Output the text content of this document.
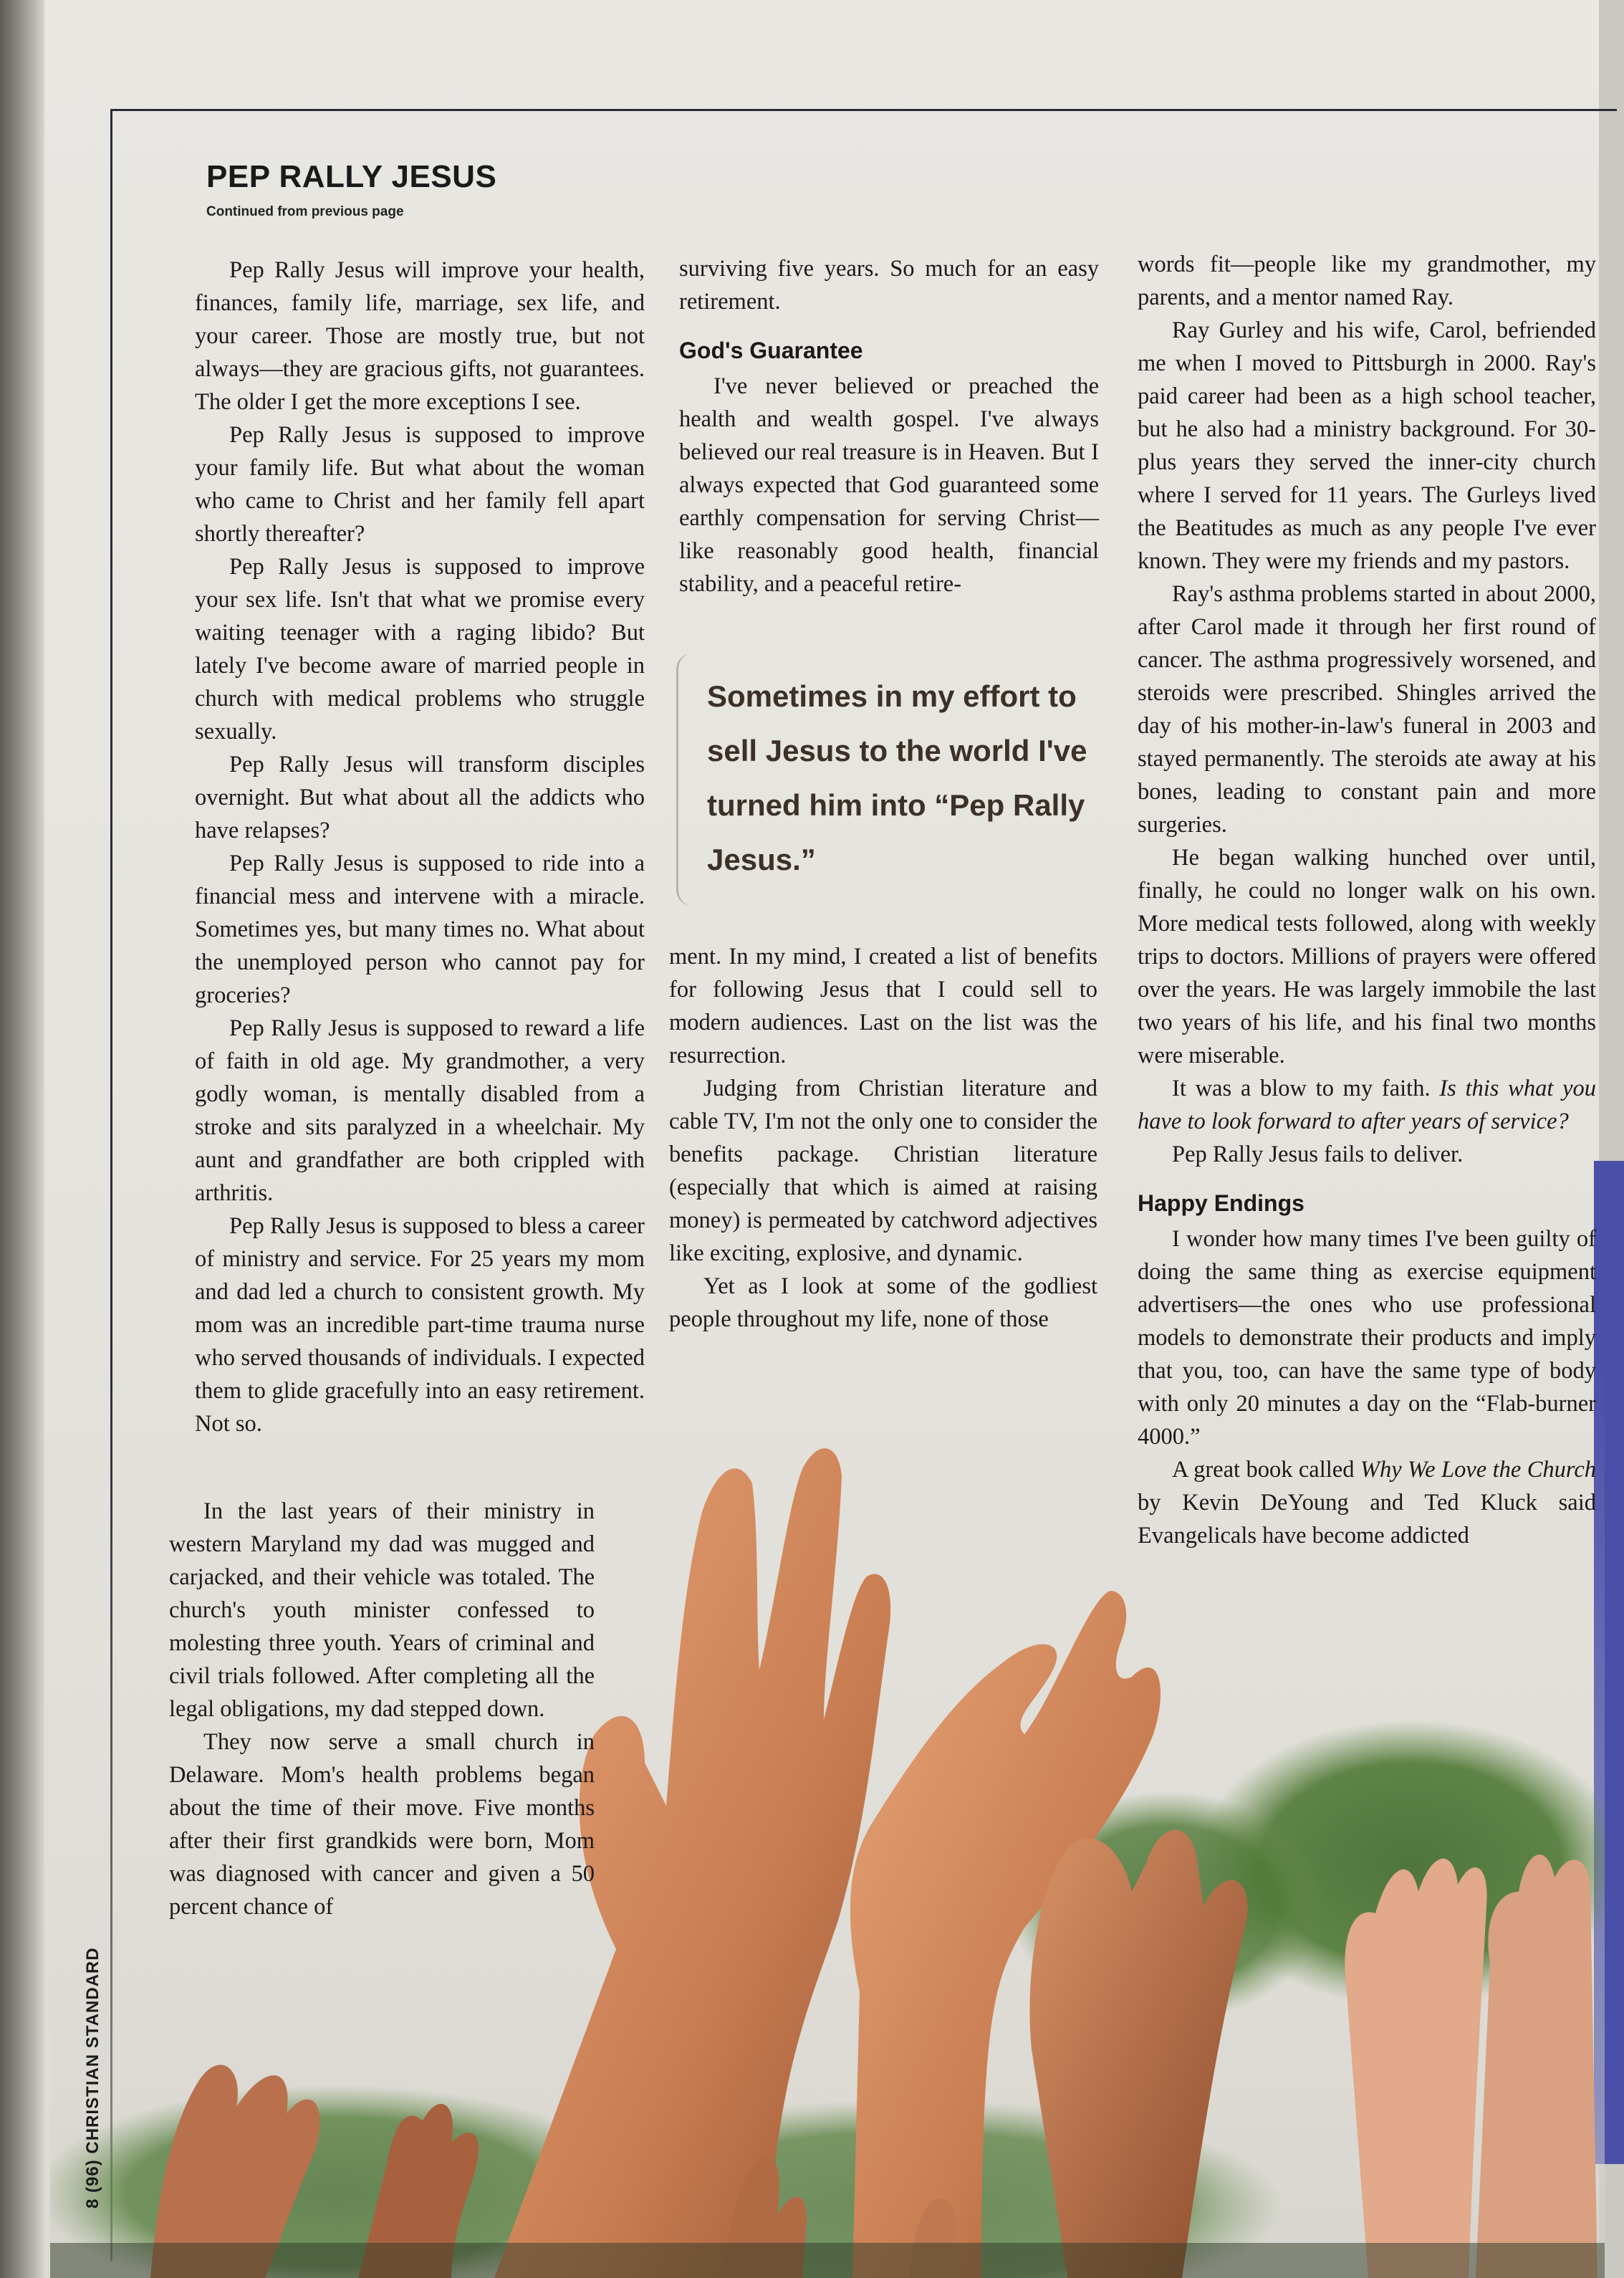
PEP RALLY JESUS

Continued from previous page

Pep Rally Jesus will improve your health, finances, family life, marriage, sex life, and your career. Those are mostly true, but not always—they are gracious gifts, not guarantees. The older I get the more exceptions I see.

Pep Rally Jesus is supposed to improve your family life. But what about the woman who came to Christ and her family fell apart shortly thereafter?

Pep Rally Jesus is supposed to improve your sex life. Isn't that what we promise every waiting teenager with a raging libido? But lately I've become aware of married people in church with medical problems who struggle sexually.

Pep Rally Jesus will transform disciples overnight. But what about all the addicts who have relapses?

Pep Rally Jesus is supposed to ride into a financial mess and intervene with a miracle. Sometimes yes, but many times no. What about the unemployed person who cannot pay for groceries?

Pep Rally Jesus is supposed to reward a life of faith in old age. My grandmother, a very godly woman, is mentally disabled from a stroke and sits paralyzed in a wheelchair. My aunt and grandfather are both crippled with arthritis.

Pep Rally Jesus is supposed to bless a career of ministry and service. For 25 years my mom and dad led a church to consistent growth. My mom was an incredible part-time trauma nurse who served thousands of individuals. I expected them to glide gracefully into an easy retirement. Not so.

In the last years of their ministry in western Maryland my dad was mugged and carjacked, and their vehicle was totaled. The church's youth minister confessed to molesting three youth. Years of criminal and civil trials followed. After completing all the legal obligations, my dad stepped down.

They now serve a small church in Delaware. Mom's health problems began about the time of their move. Five months after their first grandkids were born, Mom was diagnosed with cancer and given a 50 percent chance of

surviving five years. So much for an easy retirement.

God's Guarantee

I've never believed or preached the health and wealth gospel. I've always believed our real treasure is in Heaven. But I always expected that God guaranteed some earthly compensation for serving Christ—like reasonably good health, financial stability, and a peaceful retire-

Sometimes in my effort to sell Jesus to the world I've turned him into “Pep Rally Jesus.”

ment. In my mind, I created a list of benefits for following Jesus that I could sell to modern audiences. Last on the list was the resurrection.

Judging from Christian literature and cable TV, I'm not the only one to consider the benefits package. Christian literature (especially that which is aimed at raising money) is permeated by catchword adjectives like exciting, explosive, and dynamic.

Yet as I look at some of the godliest people throughout my life, none of those

words fit—people like my grandmother, my parents, and a mentor named Ray.

Ray Gurley and his wife, Carol, befriended me when I moved to Pittsburgh in 2000. Ray's paid career had been as a high school teacher, but he also had a ministry background. For 30-plus years they served the inner-city church where I served for 11 years. The Gurleys lived the Beatitudes as much as any people I've ever known. They were my friends and my pastors.

Ray's asthma problems started in about 2000, after Carol made it through her first round of cancer. The asthma progressively worsened, and steroids were prescribed. Shingles arrived the day of his mother-in-law's funeral in 2003 and stayed permanently. The steroids ate away at his bones, leading to constant pain and more surgeries.

He began walking hunched over until, finally, he could no longer walk on his own. More medical tests followed, along with weekly trips to doctors. Millions of prayers were offered over the years. He was largely immobile the last two years of his life, and his final two months were miserable.

It was a blow to my faith. Is this what you have to look forward to after years of service?

Pep Rally Jesus fails to deliver.

Happy Endings

I wonder how many times I've been guilty of doing the same thing as exercise equipment advertisers—the ones who use professional models to demonstrate their products and imply that you, too, can have the same type of body with only 20 minutes a day on the “Flab-burner 4000.”

A great book called Why We Love the Church by Kevin DeYoung and Ted Kluck said Evangelicals have become addicted

8 (96) CHRISTIAN STANDARD
